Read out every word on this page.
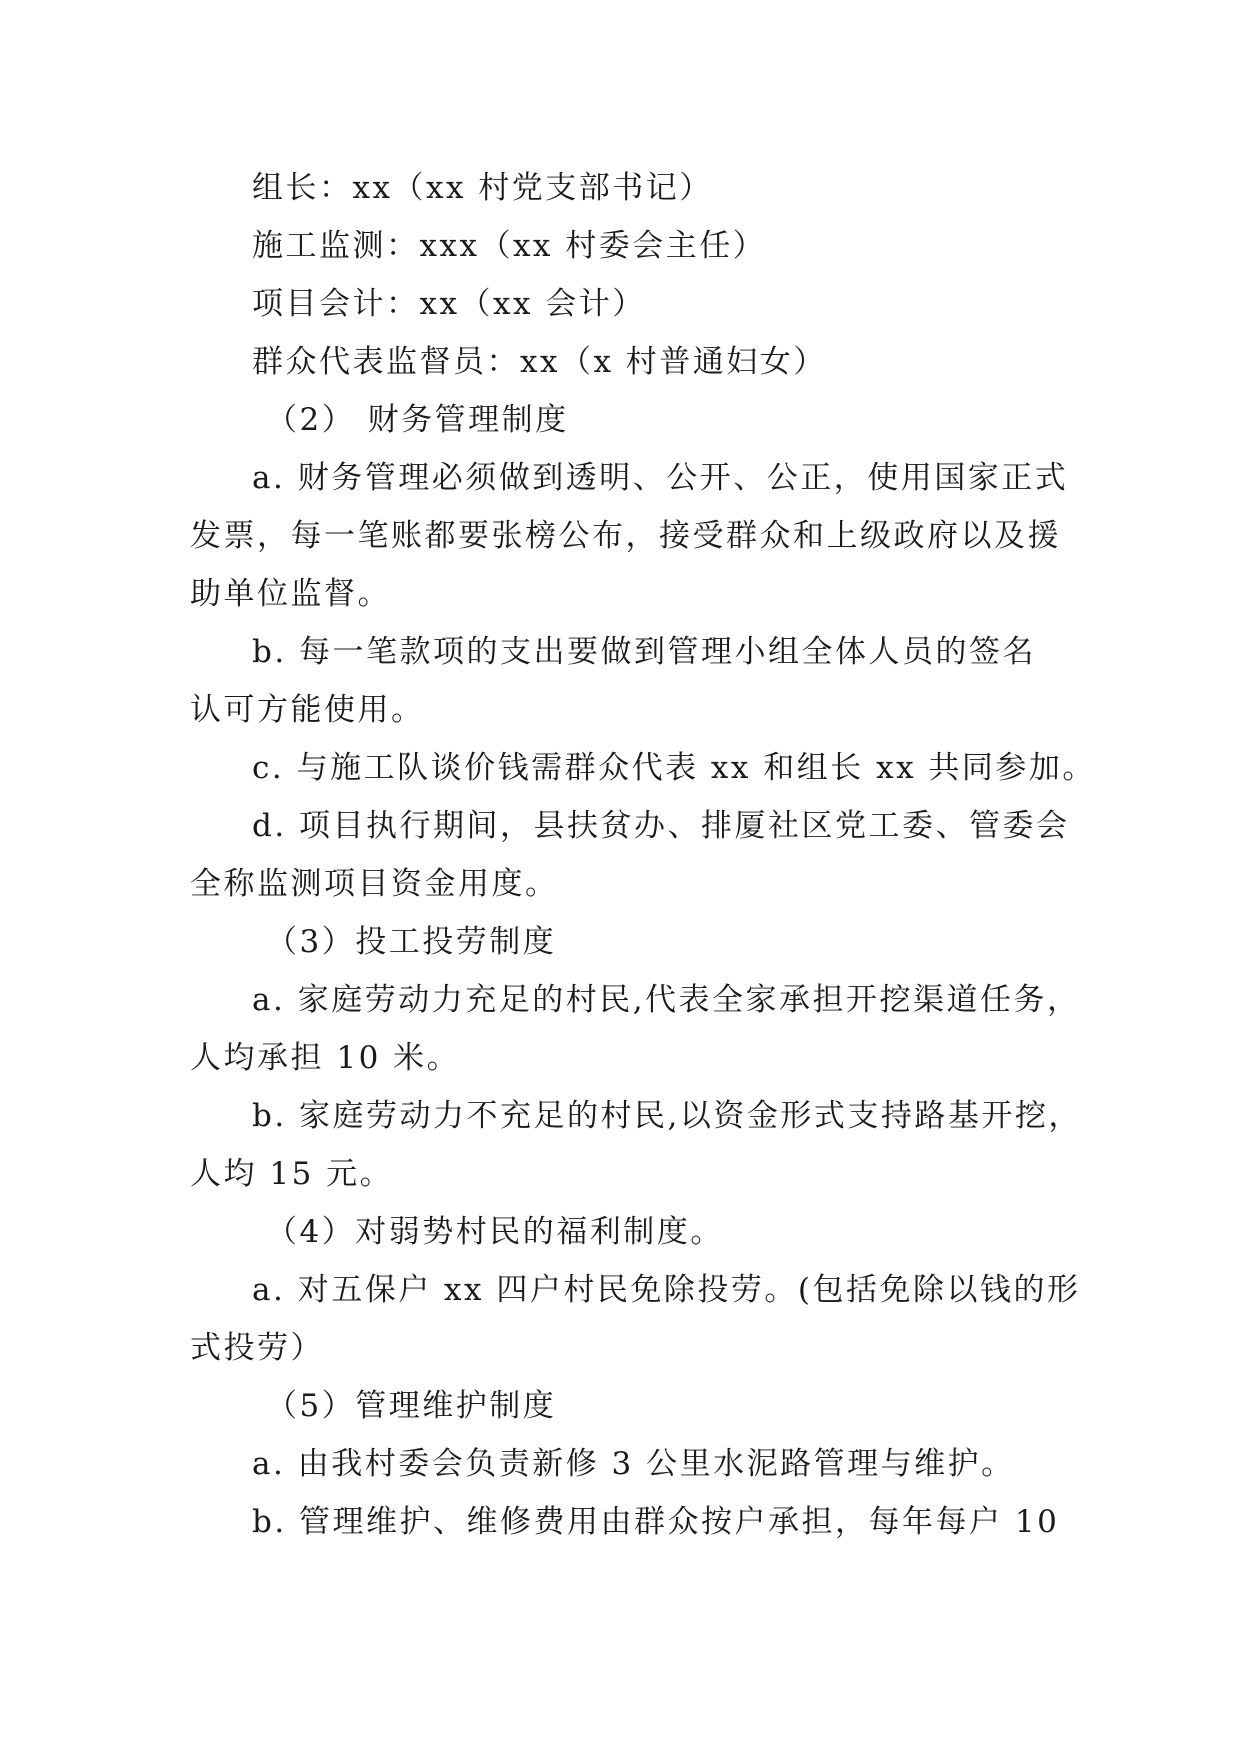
组长：xx（xx 村党支部书记）
施工监测：xxx（xx 村委会主任）
项目会计：xx（xx 会计）
群众代表监督员：xx（x 村普通妇女）
（2） 财务管理制度
a. 财务管理必须做到透明、公开、公正，使用国家正式
发票，每一笔账都要张榜公布，接受群众和上级政府以及援
助单位监督。
b. 每一笔款项的支出要做到管理小组全体人员的签名
认可方能使用。
c. 与施工队谈价钱需群众代表 xx 和组长 xx 共同参加。
d. 项目执行期间，县扶贫办、排厦社区党工委、管委会
全称监测项目资金用度。
（3）投工投劳制度
a. 家庭劳动力充足的村民,代表全家承担开挖渠道任务，
人均承担 10 米。
b. 家庭劳动力不充足的村民,以资金形式支持路基开挖，
人均 15 元。
（4）对弱势村民的福利制度。
a. 对五保户 xx 四户村民免除投劳。(包括免除以钱的形
式投劳）
（5）管理维护制度
a. 由我村委会负责新修 3 公里水泥路管理与维护。
b. 管理维护、维修费用由群众按户承担，每年每户 10
